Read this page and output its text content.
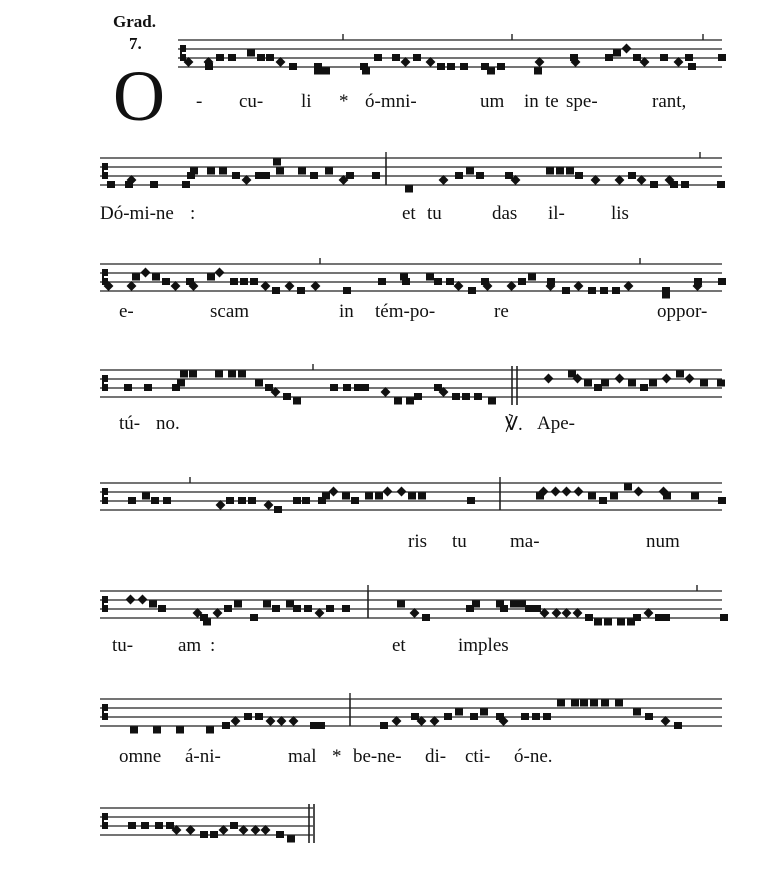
Grad.
7.
O - cu- li * ó-mni-	um in te spe-	rant,
Dó-mi-ne :	et tu	das il- lis
e-	scam	in tém-po-	re	oppor-
tú- no.	℣. Ape-
ris tu ma-	num
tu- am :	et	imples
omne á-ni-	mal * be-ne- di- cti- ó-ne.
